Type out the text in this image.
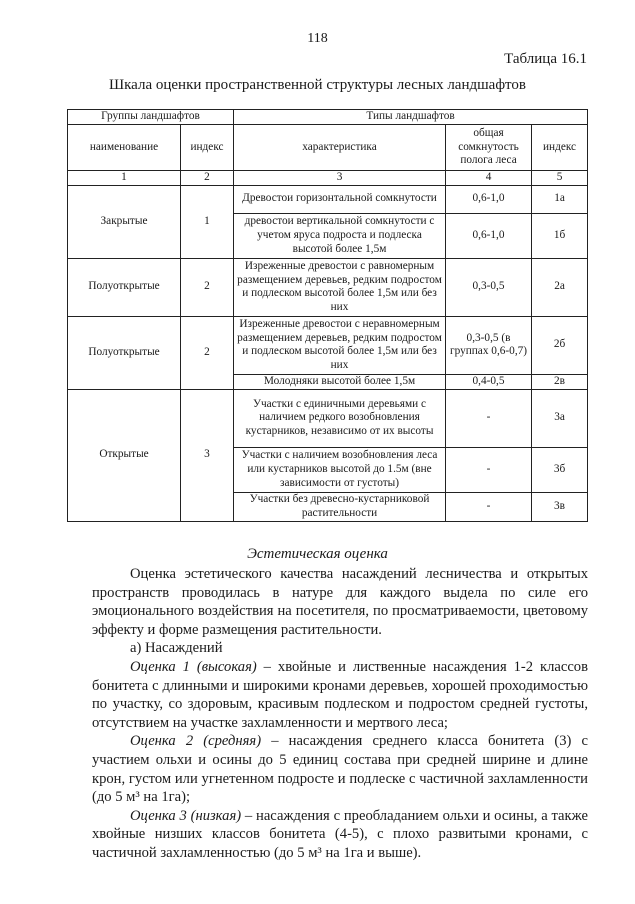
118
Таблица 16.1
Шкала оценки пространственной структуры лесных ландшафтов
Группы ландшафтов		Типы ландшафтов		
наименование	индекс	характеристика	общая сомкнутость полога леса	индекс
1	2	3	4	5
Закрытые	1	Древостои горизонтальной сомкнутости	0,6-1,0	1а
		древостои вертикальной сомкнутости с учетом яруса подроста и подлеска высотой более 1,5м	0,6-1,0	1б
Полуоткрытые	2	Изреженные древостои с равномерным размещением деревьев, редким подростом и подлеском высотой более 1,5м или без них	0,3-0,5	2а
Полуоткрытые	2	Изреженные древостои с неравномерным размещением деревьев, редким подростом и подлеском высотой более 1,5м или без них	0,3-0,5 (в группах 0,6-0,7)	2б
		Молодняки высотой более 1,5м	0,4-0,5	2в
Открытые	3	Участки с единичными деревьями с наличием редкого возобновления кустарников, независимо от их высоты	-	3а
		Участки с наличием возобновления леса или кустарников высотой до 1.5м (вне зависимости от густоты)	-	3б
		Участки без древесно-кустарниковой растительности	-	3в
Эстетическая оценка

Оценка эстетического качества насаждений лесничества и открытых пространств проводилась в натуре для каждого выдела по силе его эмоционального воздействия на посетителя, по просматриваемости, цветовому эффекту и форме размещения растительности.

а) Насаждений

Оценка 1 (высокая) – хвойные и лиственные насаждения 1-2 классов бонитета с длинными и широкими кронами деревьев, хорошей проходимостью по участку, со здоровым, красивым подлеском и подростом средней густоты, отсутствием на участке захламленности и мертвого леса;

Оценка 2 (средняя) – насаждения среднего класса бонитета (3) с участием ольхи и осины до 5 единиц состава при средней ширине и длине крон, густом или угнетенном подросте и подлеске с частичной захламленности (до 5 м³ на 1га);

Оценка 3 (низкая) – насаждения с преобладанием ольхи и осины, а также хвойные низших классов бонитета (4-5), с плохо развитыми кронами, с частичной захламленностью (до 5 м³ на 1га и выше).
